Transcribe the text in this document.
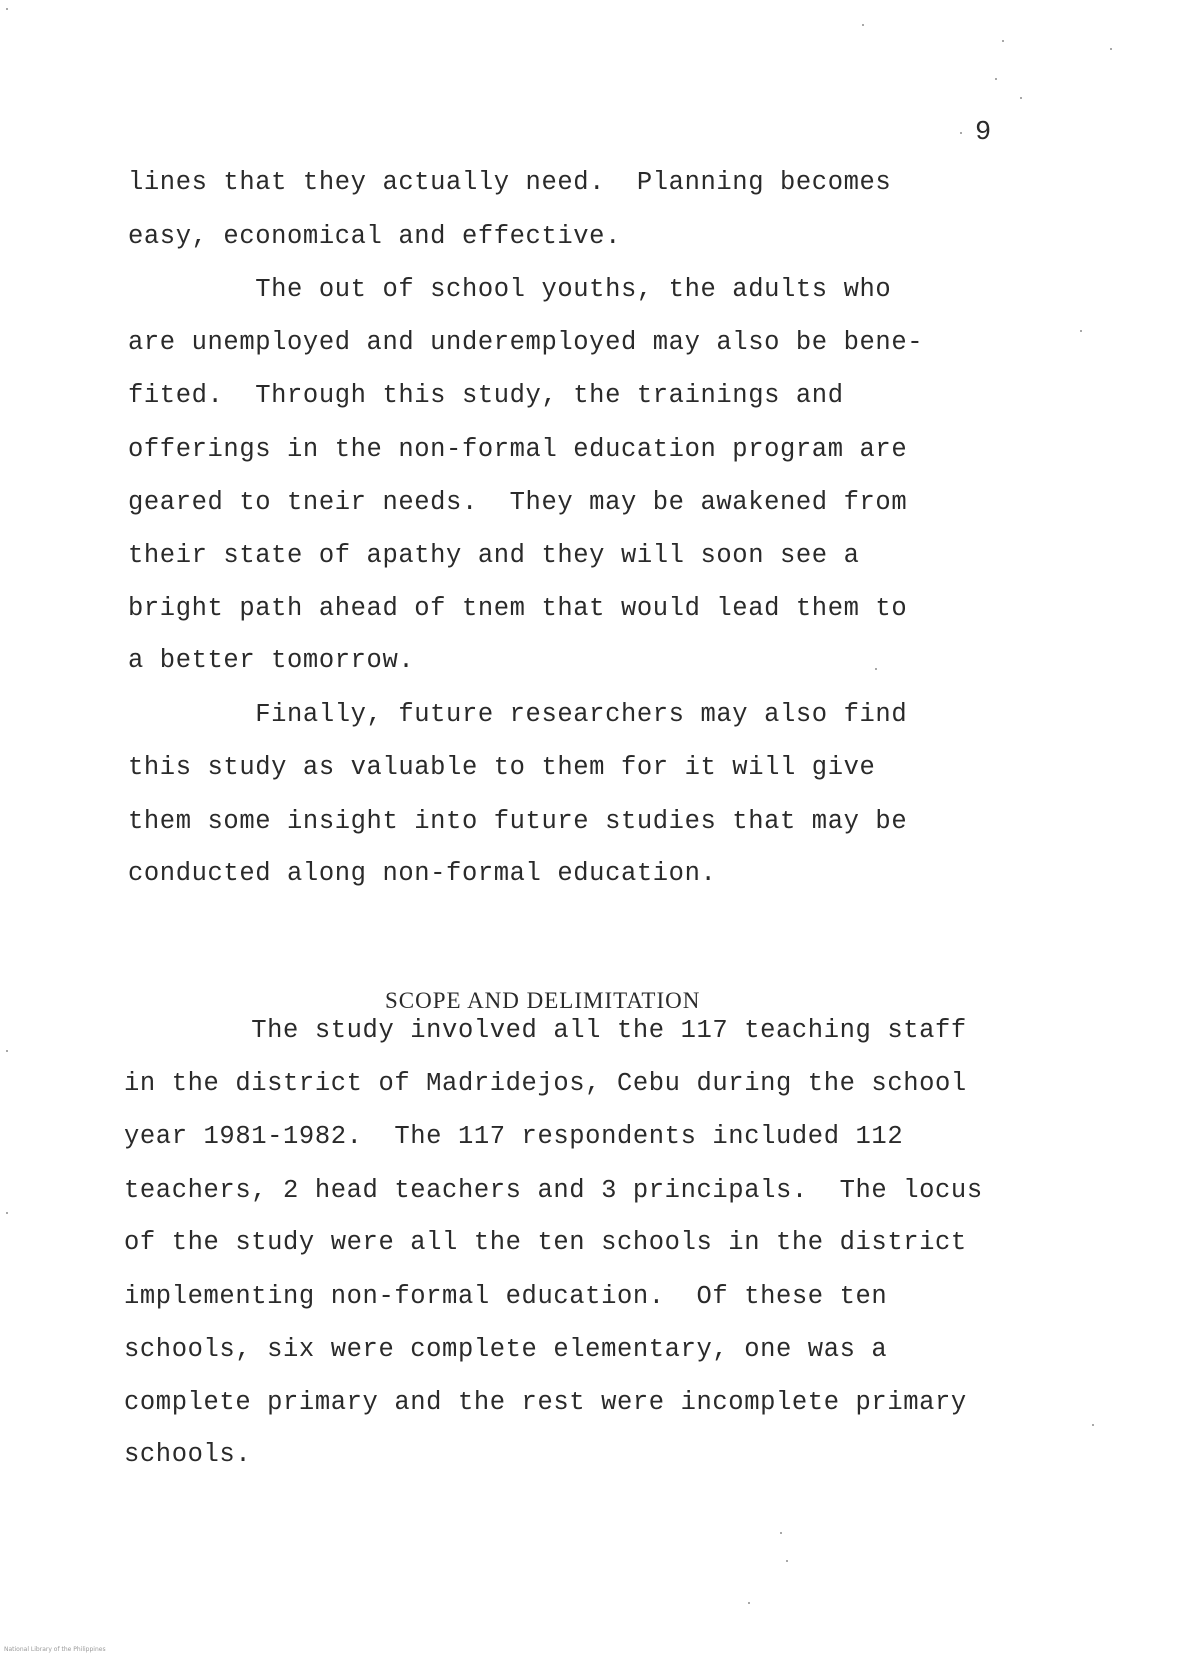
9
lines that they actually need.  Planning becomes
easy, economical and effective.
The out of school youths, the adults who
are unemployed and underemployed may also be bene-
fited.  Through this study, the trainings and
offerings in the non-formal education program are
geared to tneir needs.  They may be awakened from
their state of apathy and they will soon see a
bright path ahead of tnem that would lead them to
a better tomorrow.
Finally, future researchers may also find
this study as valuable to them for it will give
them some insight into future studies that may be
conducted along non-formal education.
SCOPE AND DELIMITATION
The study involved all the 117 teaching staff
in the district of Madridejos, Cebu during the school
year 1981-1982.  The 117 respondents included 112
teachers, 2 head teachers and 3 principals.  The locus
of the study were all the ten schools in the district
implementing non-formal education.  Of these ten
schools, six were complete elementary, one was a
complete primary and the rest were incomplete primary
schools.
National Library of the Philippines
